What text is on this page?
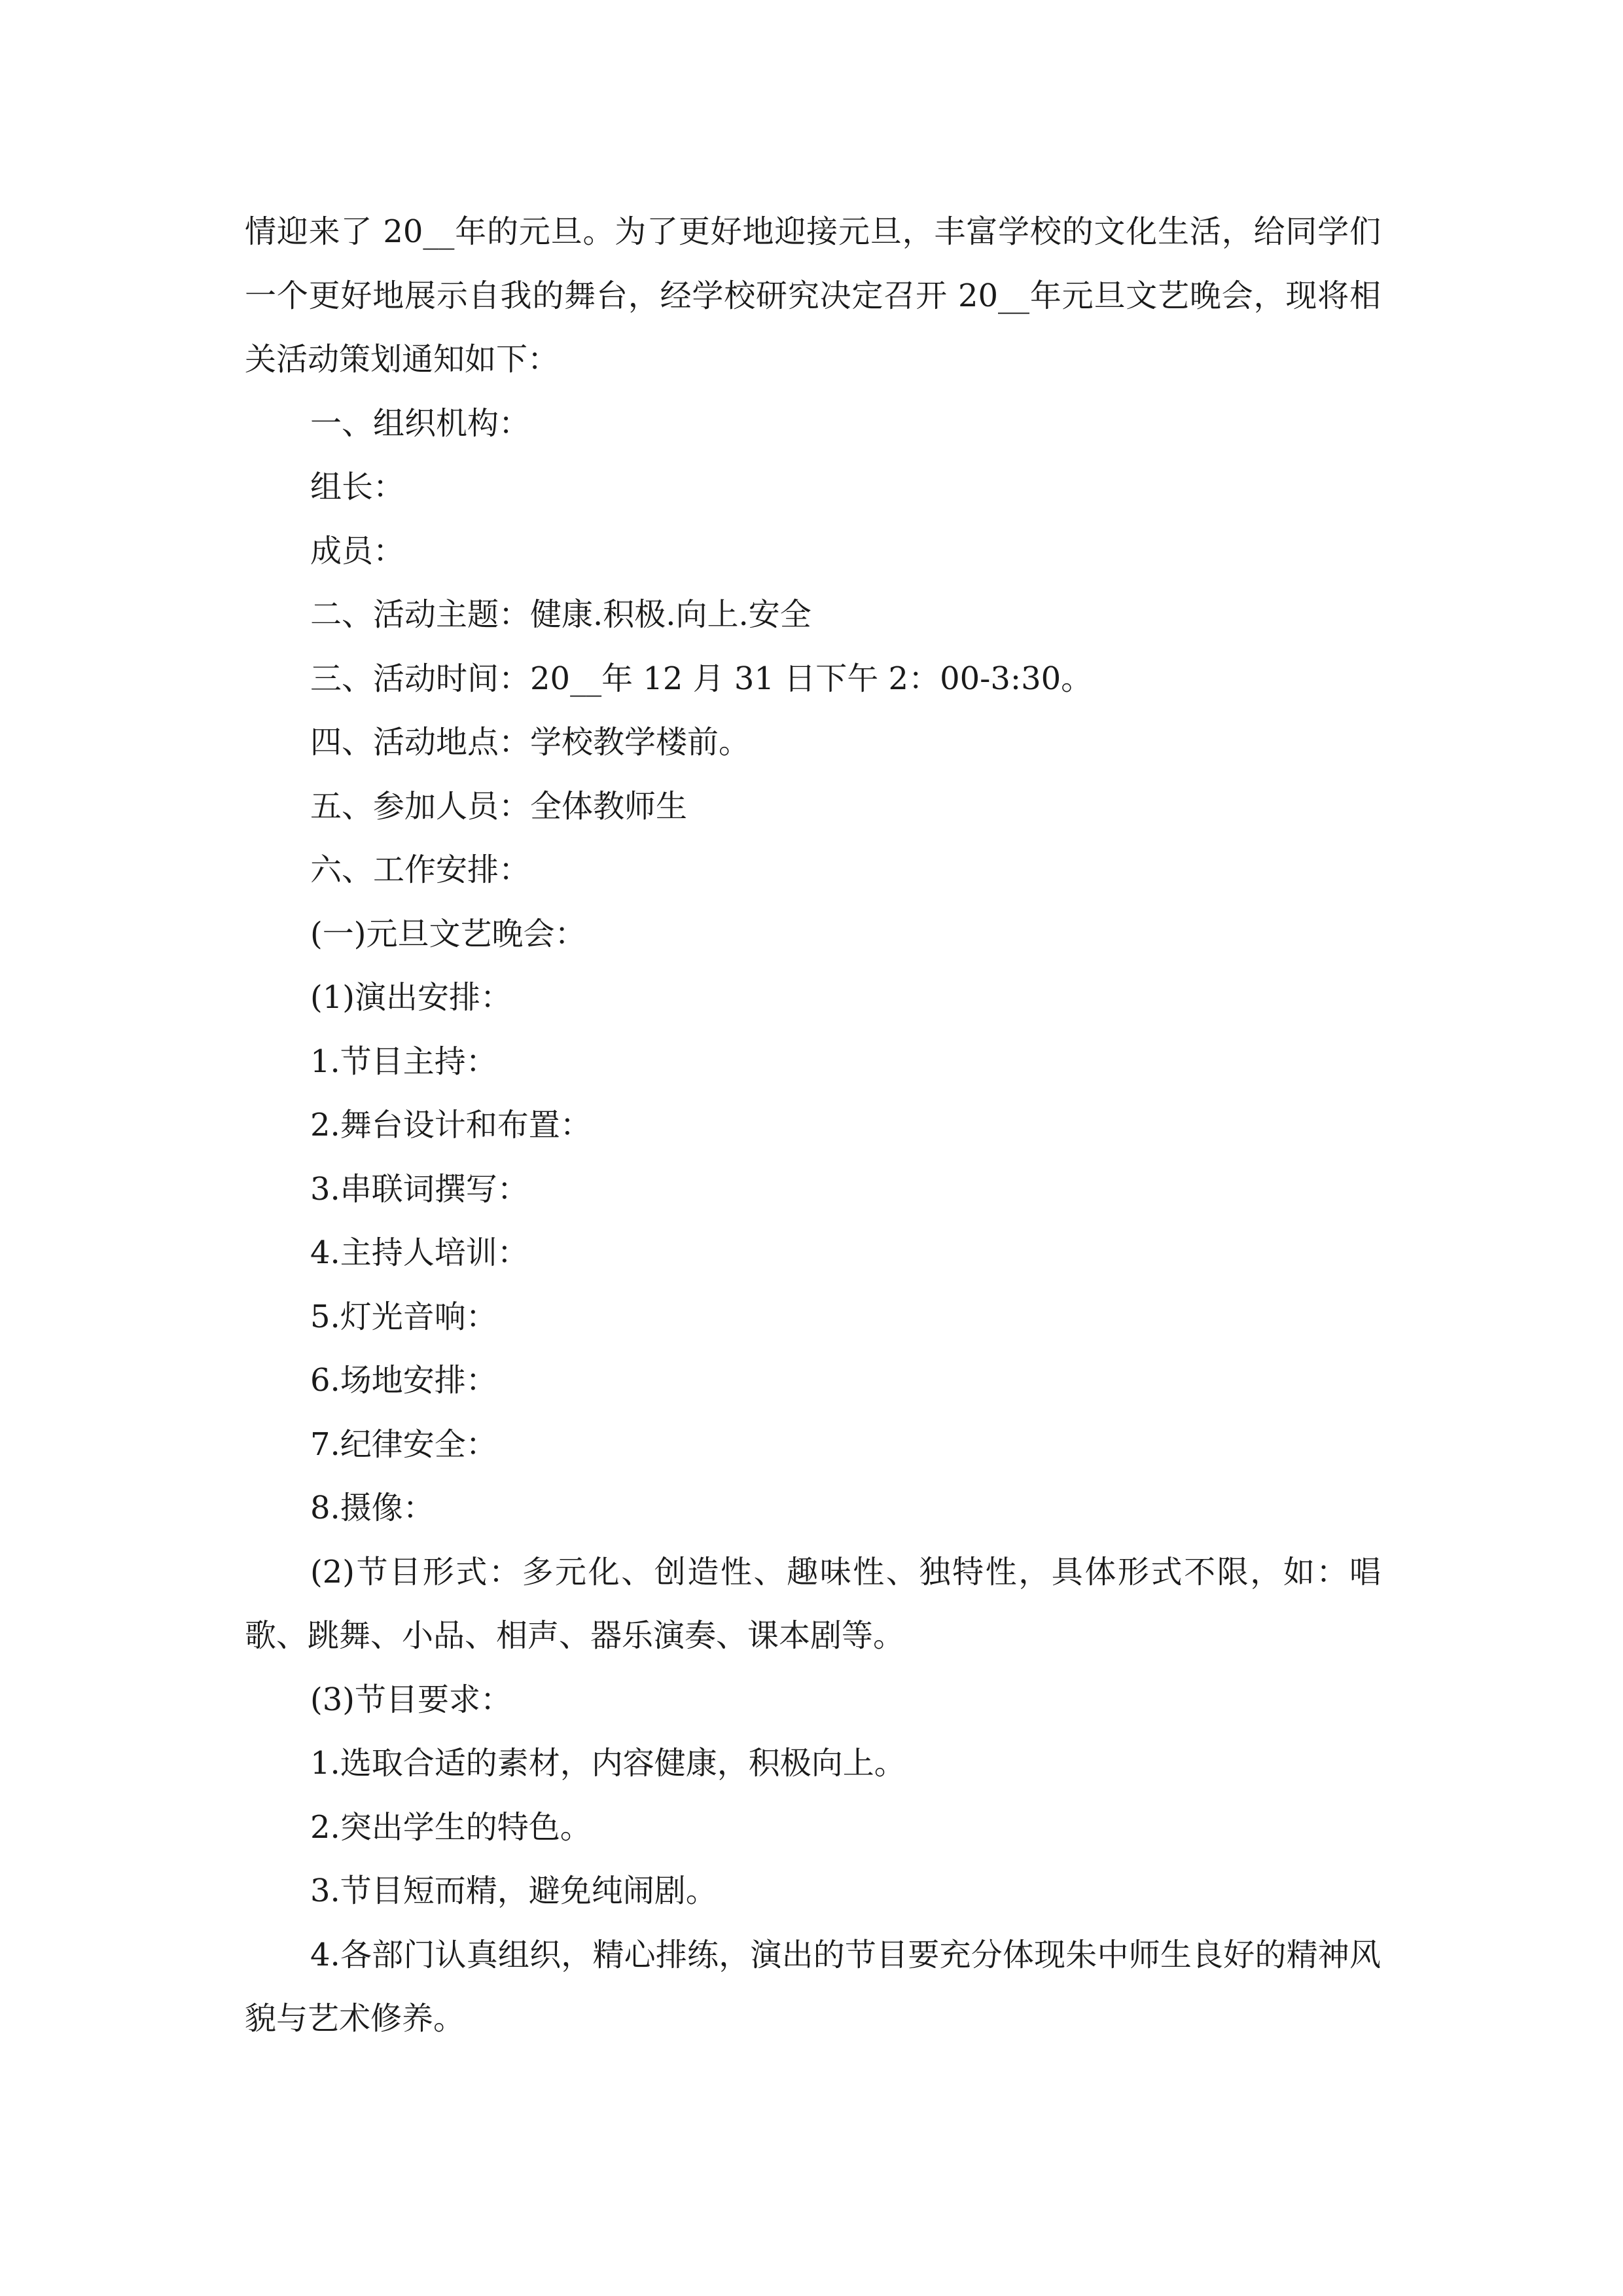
情迎来了 20__年的元旦。为了更好地迎接元旦，丰富学校的文化生活，给同学们一个更好地展示自我的舞台，经学校研究决定召开 20__年元旦文艺晚会，现将相关活动策划通知如下：

一、组织机构：

组长：

成员：

二、活动主题：健康.积极.向上.安全

三、活动时间：20__年 12 月 31 日下午 2：00-3:30。

四、活动地点：学校教学楼前。

五、参加人员：全体教师生

六、工作安排：

(一)元旦文艺晚会：

(1)演出安排：

1.节目主持：

2.舞台设计和布置：

3.串联词撰写：

4.主持人培训：

5.灯光音响：

6.场地安排：

7.纪律安全：

8.摄像：

(2)节目形式：多元化、创造性、趣味性、独特性，具体形式不限，如：唱歌、跳舞、小品、相声、器乐演奏、课本剧等。

(3)节目要求：

1.选取合适的素材，内容健康，积极向上。

2.突出学生的特色。

3.节目短而精，避免纯闹剧。

4.各部门认真组织，精心排练，演出的节目要充分体现朱中师生良好的精神风貌与艺术修养。
